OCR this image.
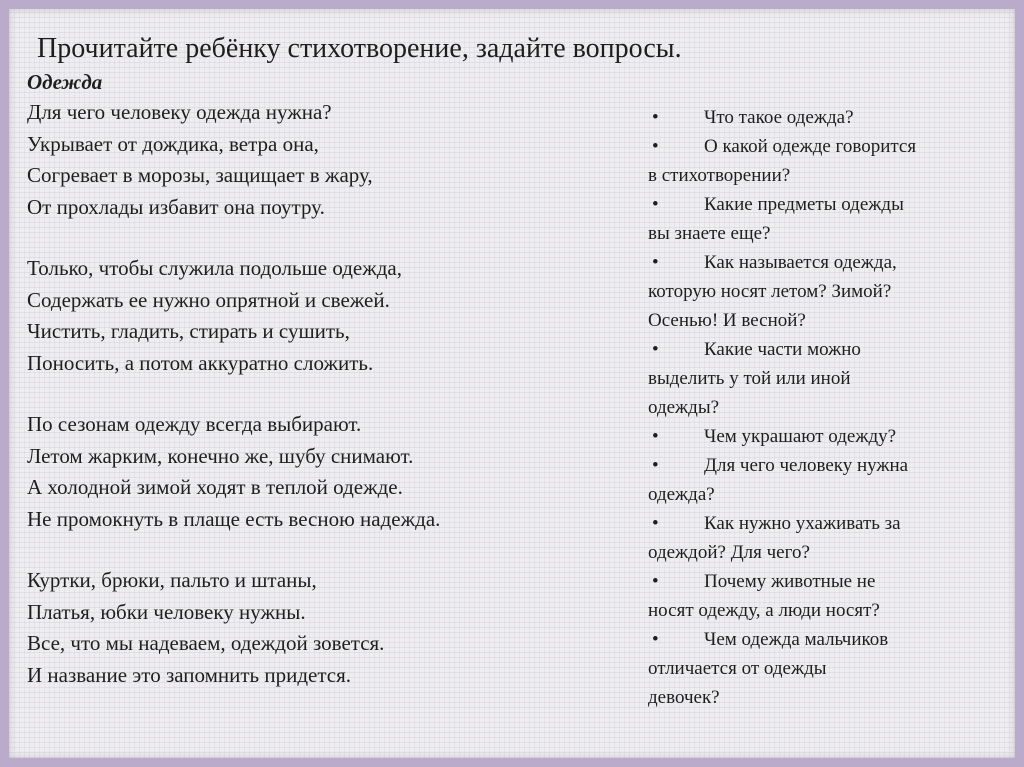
Прочитайте ребёнку стихотворение, задайте вопросы.
Одежда
Для чего человеку одежда нужна?
Укрывает от дождика, ветра она,
Согревает в морозы, защищает в жару,
От прохлады избавит она поутру.
Только, чтобы служила подольше одежда,
Содержать ее нужно опрятной и свежей.
Чистить, гладить, стирать и сушить,
Поносить, а потом аккуратно сложить.
По сезонам одежду всегда выбирают.
Летом жарким, конечно же, шубу снимают.
А холодной зимой ходят в теплой одежде.
Не промокнуть в плаще есть весною надежда.
Куртки, брюки, пальто и штаны,
Платья, юбки человеку нужны.
Все, что мы надеваем, одеждой зовется.
И название это запомнить придется.
• Что такое одежда?
• О какой одежде говорится
в стихотворении?
• Какие предметы одежды
вы знаете еще?
• Как называется одежда,
которую носят летом? Зимой?
Осенью! И весной?
• Какие части можно
выделить у той или иной
одежды?
• Чем украшают одежду?
• Для чего человеку нужна
одежда?
• Как нужно ухаживать за
одеждой? Для чего?
• Почему животные не
носят одежду, а люди носят?
• Чем одежда мальчиков
отличается от одежды
девочек?
